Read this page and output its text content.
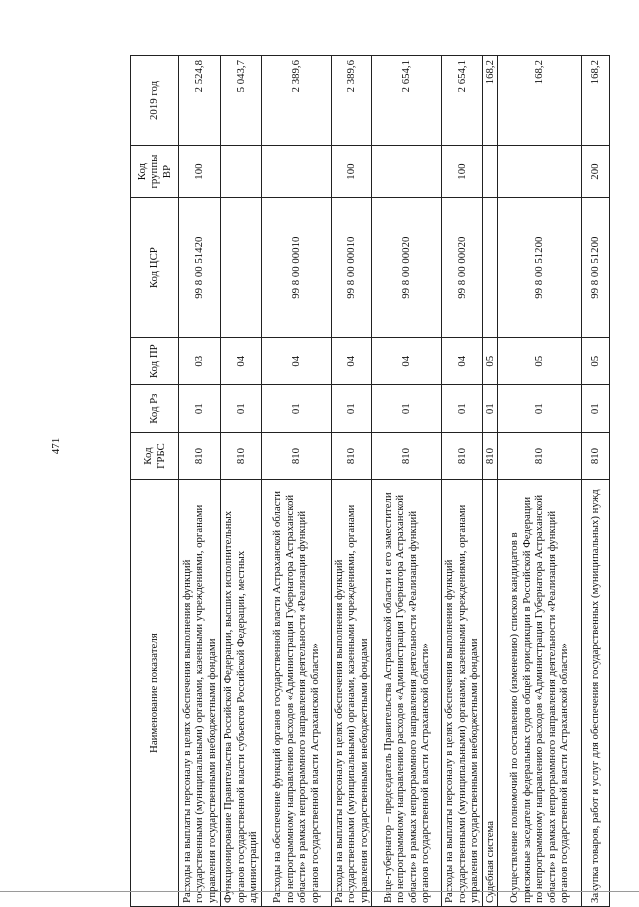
471
Наименование показателя	Код ГРБС	Код Рз	Код ПР	Код ЦСР	Код группы ВР	2019 год
Расходы на выплаты персоналу в целях обеспечения выполнения функций государственными (муниципальными) органами, казенными учреждениями, органами управления государственными внебюджетными фондами	810	01	03	99 8 00 51420	100	2 524,8
Функционирование Правительства Российской Федерации, высших исполнительных органов государственной власти субъектов Российской Федерации, местных администраций	810	01	04			5 043,7
Расходы на обеспечение функций органов государственной власти Астраханской области по непрограммному направлению расходов «Администрация Губернатора Астраханской области» в рамках непрограммного направления деятельности «Реализация функций органов государственной власти Астраханской области»	810	01	04	99 8 00 00010		2 389,6
Расходы на выплаты персоналу в целях обеспечения выполнения функций государственными (муниципальными) органами, казенными учреждениями, органами управления государственными внебюджетными фондами	810	01	04	99 8 00 00010	100	2 389,6
Вице-губернатор – председатель Правительства Астраханской области и его заместители по непрограммному направлению расходов «Администрация Губернатора Астраханской области» в рамках непрограммного направления деятельности «Реализация функций органов государственной власти Астраханской области»	810	01	04	99 8 00 00020		2 654,1
Расходы на выплаты персоналу в целях обеспечения выполнения функций государственными (муниципальными) органами, казенными учреждениями, органами управления государственными внебюджетными фондами	810	01	04	99 8 00 00020	100	2 654,1
Судебная система	810	01	05			168,2
Осуществление полномочий по составлению (изменению) списков кандидатов в присяжные заседатели федеральных судов общей юрисдикции в Российской Федерации по непрограммному направлению расходов «Администрация Губернатора Астраханской области» в рамках непрограммного направления деятельности «Реализация функций органов государственной власти Астраханской области»	810	01	05	99 8 00 51200		168,2
Закупка товаров, работ и услуг для обеспечения государственных (муниципальных) нужд	810	01	05	99 8 00 51200	200	168,2
